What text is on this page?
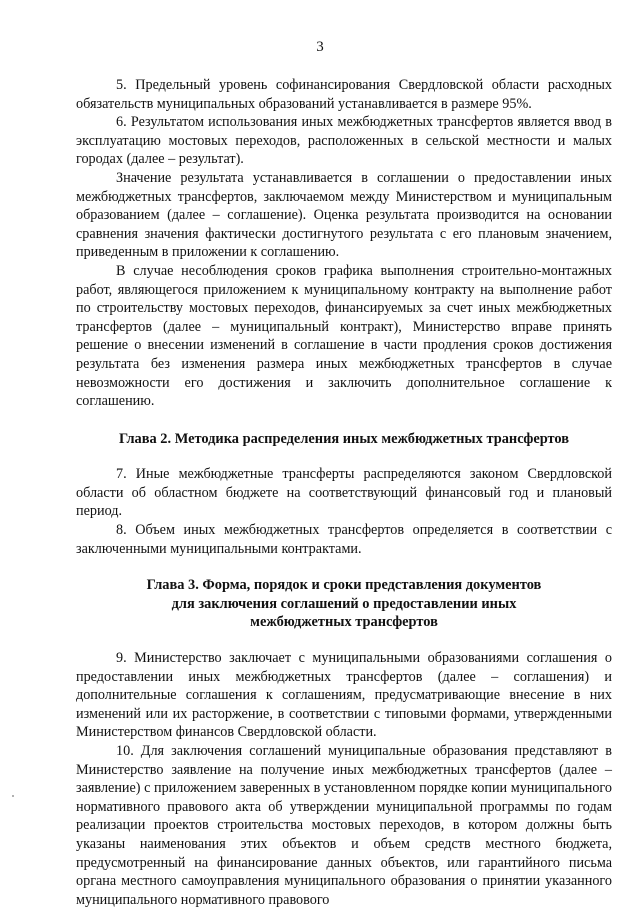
3

5. Предельный уровень софинансирования Свердловской области расходных обязательств муниципальных образований устанавливается в размере 95%.

6. Результатом использования иных межбюджетных трансфертов является ввод в эксплуатацию мостовых переходов, расположенных в сельской местности и малых городах (далее – результат).

Значение результата устанавливается в соглашении о предоставлении иных межбюджетных трансфертов, заключаемом между Министерством и муниципальным образованием (далее – соглашение). Оценка результата производится на основании сравнения значения фактически достигнутого результата с его плановым значением, приведенным в приложении к соглашению.

В случае несоблюдения сроков графика выполнения строительно-монтажных работ, являющегося приложением к муниципальному контракту на выполнение работ по строительству мостовых переходов, финансируемых за счет иных межбюджетных трансфертов (далее – муниципальный контракт), Министерство вправе принять решение о внесении изменений в соглашение в части продления сроков достижения результата без изменения размера иных межбюджетных трансфертов в случае невозможности его достижения и заключить дополнительное соглашение к соглашению.

Глава 2. Методика распределения иных межбюджетных трансфертов

7. Иные межбюджетные трансферты распределяются законом Свердловской области об областном бюджете на соответствующий финансовый год и плановый период.

8. Объем иных межбюджетных трансфертов определяется в соответствии с заключенными муниципальными контрактами.

Глава 3. Форма, порядок и сроки представления документов
для заключения соглашений о предоставлении иных
межбюджетных трансфертов

9. Министерство заключает с муниципальными образованиями соглашения о предоставлении иных межбюджетных трансфертов (далее – соглашения) и дополнительные соглашения к соглашениям, предусматривающие внесение в них изменений или их расторжение, в соответствии с типовыми формами, утвержденными Министерством финансов Свердловской области.

10. Для заключения соглашений муниципальные образования представляют в Министерство заявление на получение иных межбюджетных трансфертов (далее – заявление) с приложением заверенных в установленном порядке копии муниципального нормативного правового акта об утверждении муниципальной программы по годам реализации проектов строительства мостовых переходов, в котором должны быть указаны наименования этих объектов и объем средств местного бюджета, предусмотренный на финансирование данных объектов, или гарантийного письма органа местного самоуправления муниципального образования о принятии указанного муниципального нормативного правового
